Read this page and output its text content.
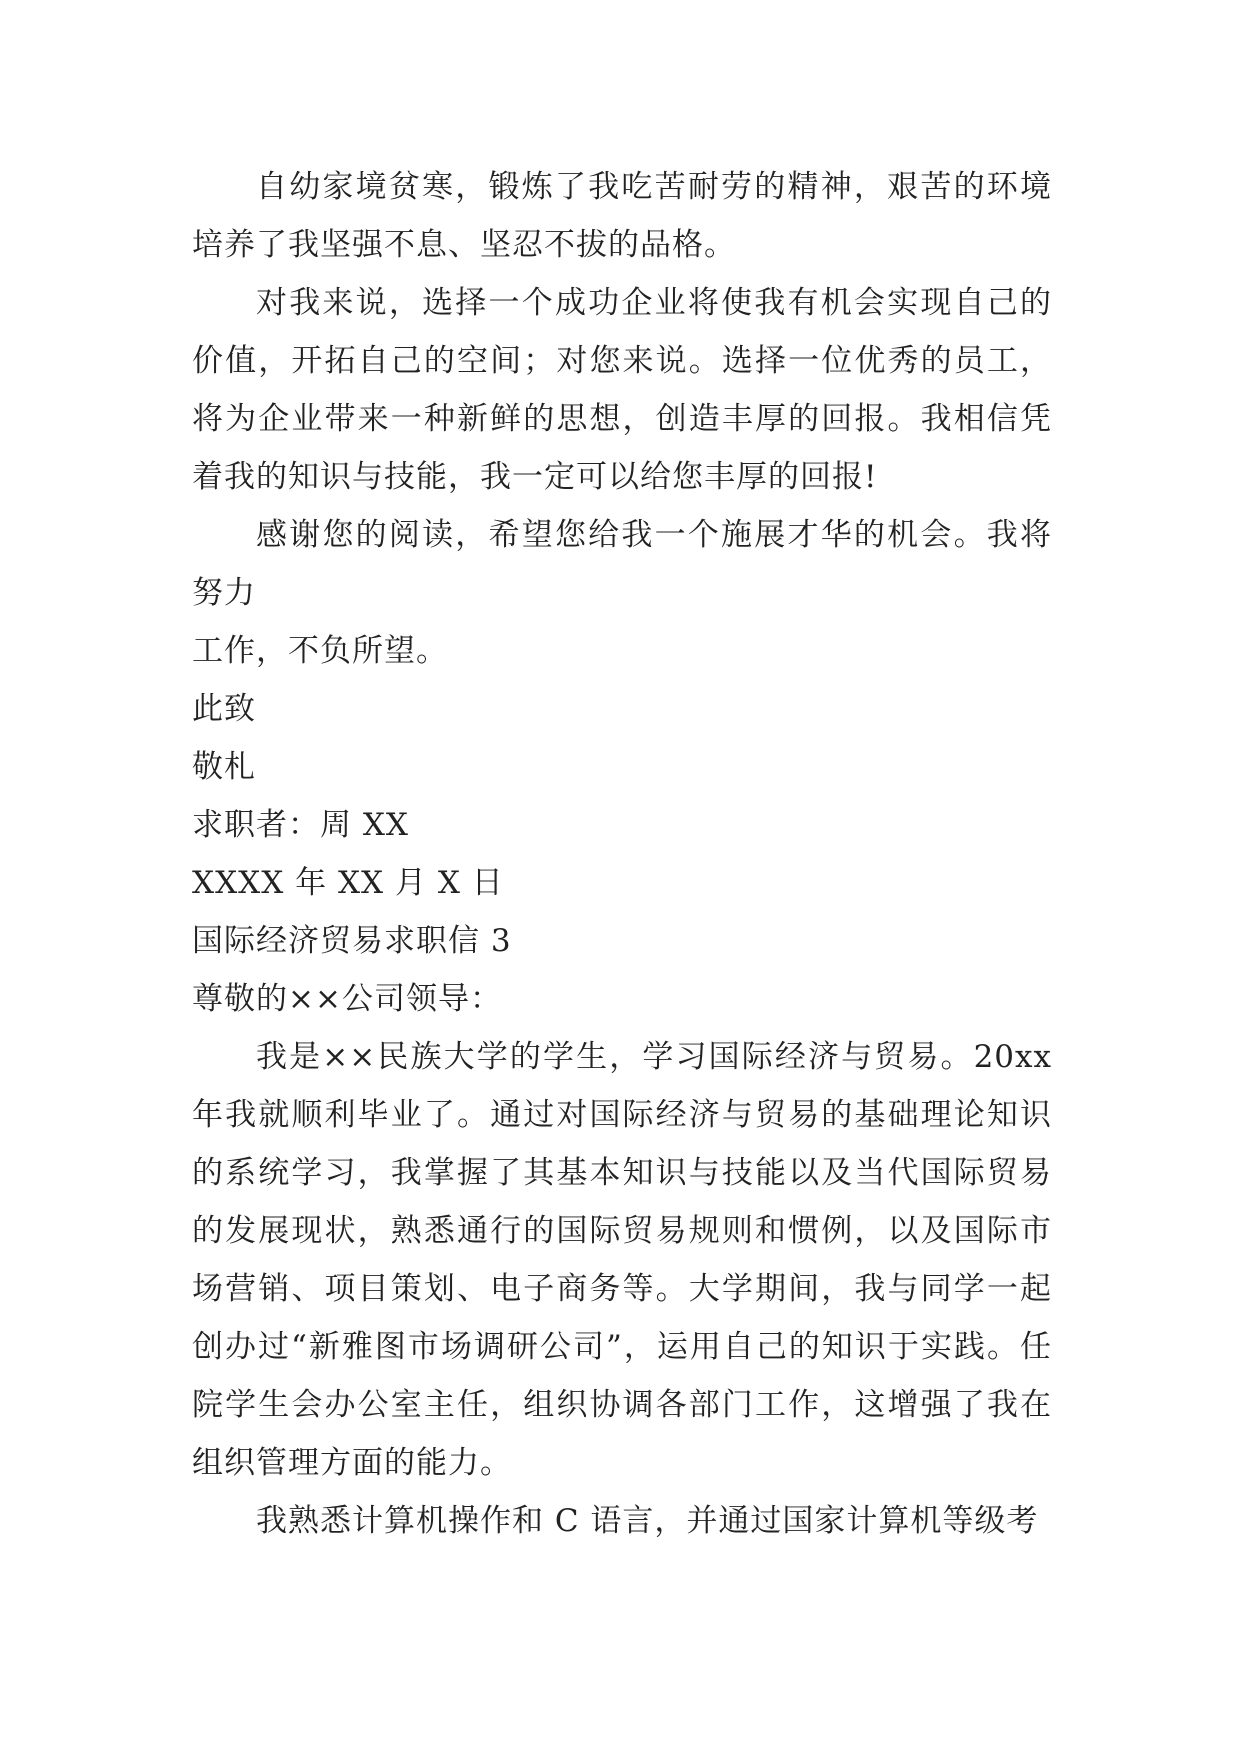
自幼家境贫寒，锻炼了我吃苦耐劳的精神，艰苦的环境培养了我坚强不息、坚忍不拔的品格。

对我来说，选择一个成功企业将使我有机会实现自己的价值，开拓自己的空间；对您来说。选择一位优秀的员工，将为企业带来一种新鲜的思想，创造丰厚的回报。我相信凭着我的知识与技能，我一定可以给您丰厚的回报!

感谢您的阅读，希望您给我一个施展才华的机会。我将努力

工作，不负所望。

此致

敬札

求职者：周 XX

XXXX 年 XX 月 X 日

国际经济贸易求职信 3

尊敬的××公司领导：

我是××民族大学的学生，学习国际经济与贸易。20xx 年我就顺利毕业了。通过对国际经济与贸易的基础理论知识的系统学习，我掌握了其基本知识与技能以及当代国际贸易的发展现状，熟悉通行的国际贸易规则和惯例，以及国际市场营销、项目策划、电子商务等。大学期间，我与同学一起创办过“新雅图市场调研公司”，运用自己的知识于实践。任院学生会办公室主任，组织协调各部门工作，这增强了我在组织管理方面的能力。

我熟悉计算机操作和 C 语言，并通过国家计算机等级考
